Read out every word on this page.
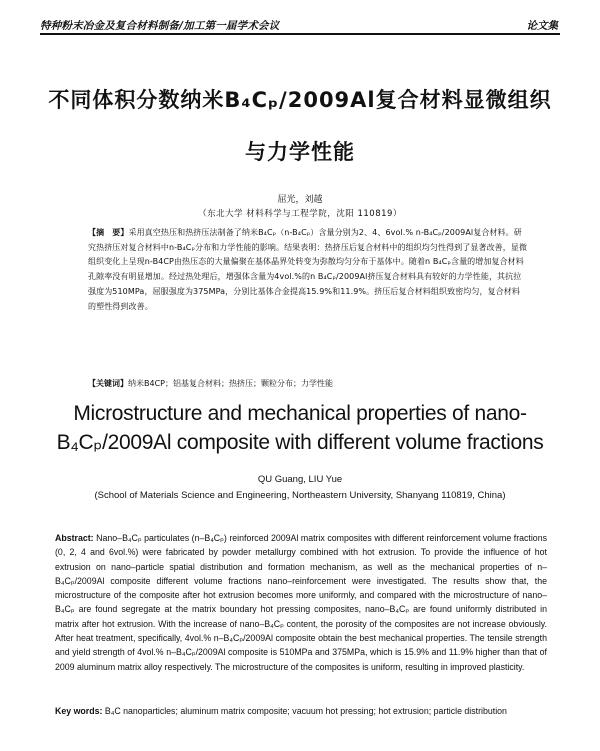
特种粉末冶金及复合材料制备/加工第一届学术会议	论文集
不同体积分数纳米B₄Cₚ/2009Al复合材料显微组织
与力学性能
屈光，刘越
（东北大学 材料科学与工程学院，沈阳 110819）
【摘　要】采用真空热压和热挤压法制备了纳米B₄Cₚ（n-B₄Cₚ）含量分别为2、4、6vol.% n-B₄Cₚ/2009Al复合材料。研究热挤压对复合材料中n-B₄Cₚ分布和力学性能的影响。结果表明：热挤压后复合材料中的组织均匀性得到了显著改善，显微组织变化上呈现n-B4CP由热压态的大量偏聚在基体晶界处转变为弥散均匀分布于基体中。随着n B₄Cₚ含量的增加复合材料孔隙率没有明显增加。经过热处理后，增强体含量为4vol.%的n B₄Cₚ/2009Al挤压复合材料具有较好的力学性能，其抗拉强度为510MPa，屈服强度为375MPa，分别比基体合金提高15.9%和11.9%。挤压后复合材料组织致密均匀，复合材料的塑性得到改善。
【关键词】纳米B4CP；铝基复合材料；热挤压；颗粒分布；力学性能
Microstructure and mechanical properties of nano-
B₄Cₚ/2009Al composite with different volume fractions
QU Guang, LIU Yue
(School of Materials Science and Engineering, Northeastern University, Shanyang 110819, China)
Abstract: Nano–B₄Cₚ particulates (n–B₄Cₚ) reinforced 2009Al matrix composites with different reinforcement volume fractions (0, 2, 4 and 6vol.%) were fabricated by powder metallurgy combined with hot extrusion. To provide the influence of hot extrusion on nano–particle spatial distribution and formation mechanism, as well as the mechanical properties of n–B₄Cₚ/2009Al composite different volume fractions nano–reinforcement were investigated. The results show that, the microstructure of the composite after hot extrusion becomes more uniformly, and compared with the microstructure of nano–B₄Cₚ are found segregate at the matrix boundary hot pressing composites, nano–B₄Cₚ are found uniformly distributed in matrix after hot extrusion. With the increase of nano–B₄Cₚ content, the porosity of the composites are not increase obviously. After heat treatment, specifically, 4vol.% n–B₄Cₚ/2009Al composite obtain the best mechanical properties. The tensile strength and yield strength of 4vol.% n–B₄Cₚ/2009Al composite is 510MPa and 375MPa, which is 15.9% and 11.9% higher than that of 2009 aluminum matrix alloy respectively. The microstructure of the composites is uniform, resulting in improved plasticity.
Key words: B₄C nanoparticles; aluminum matrix composite; vacuum hot pressing; hot extrusion; particle distribution
